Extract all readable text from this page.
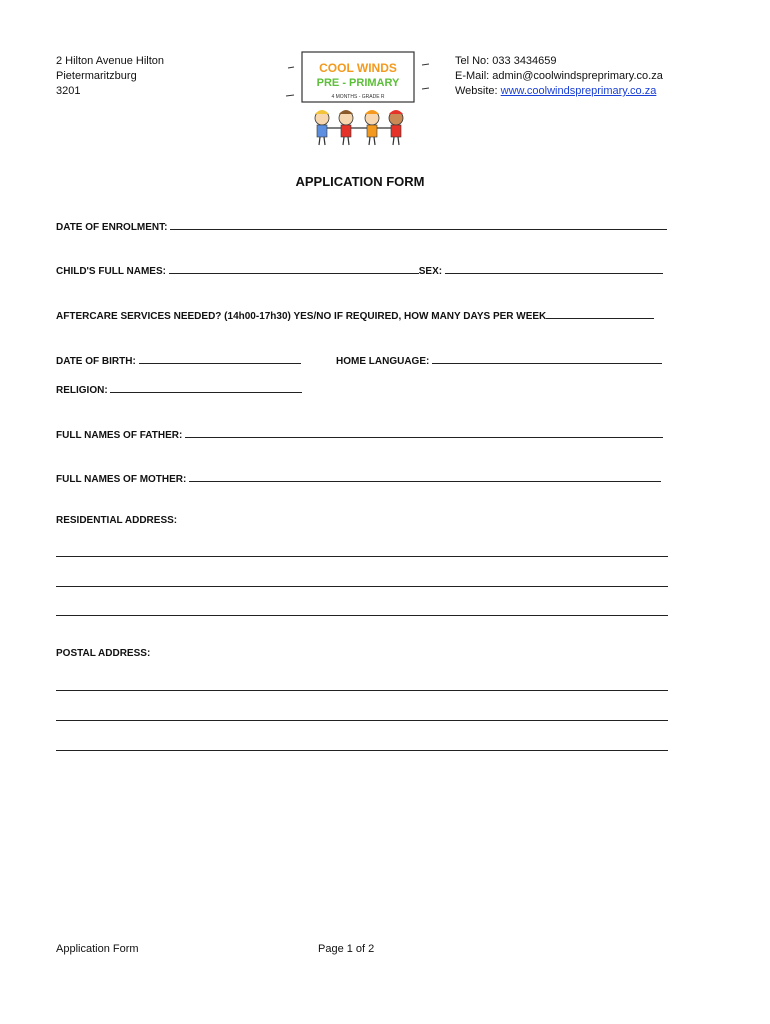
2 Hilton Avenue Hilton
Pietermaritzburg
3201
COOL WINDS
PRE - PRIMARY
4 MONTHS - GRADE R
Tel No: 033 3434659
E-Mail: admin@coolwindspreprimary.co.za
Website: www.coolwindspreprimary.co.za
APPLICATION FORM
DATE OF ENROLMENT:
CHILD'S FULL NAMES:	SEX:
AFTERCARE SERVICES NEEDED? (14h00-17h30) YES/NO IF REQUIRED, HOW MANY DAYS PER WEEK
DATE OF BIRTH:	HOME LANGUAGE:
RELIGION:
FULL NAMES OF FATHER:
FULL NAMES OF MOTHER:
RESIDENTIAL ADDRESS:
POSTAL ADDRESS:
Application Form	Page 1 of 2
